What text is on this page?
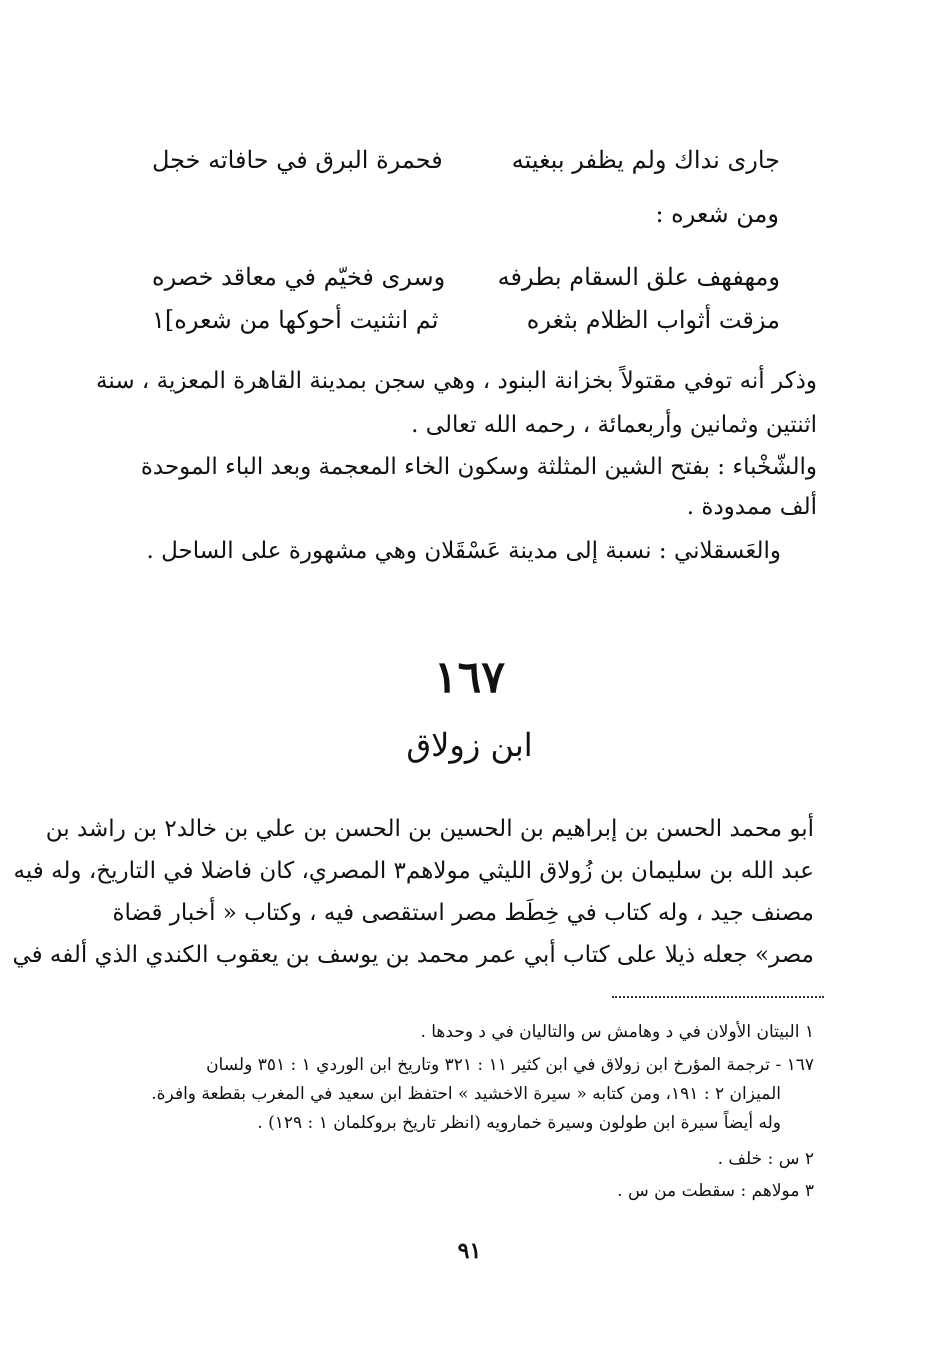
جارى نداك ولم يظفر ببغيته
فحمرة البرق في حافاته خجل
ومن شعره :
ومهفهف علق السقام بطرفه
وسرى فخيّم في معاقد خصره
مزقت أثواب الظلام بثغره
ثم انثنيت أحوكها من شعره]١
وذكر أنه توفي مقتولاً بخزانة البنود ، وهي سجن بمدينة القاهرة المعزية ، سنة
اثنتين وثمانين وأربعمائة ، رحمه الله تعالى .
والشّخْباء : بفتح الشين المثلثة وسكون الخاء المعجمة وبعد الباء الموحدة
ألف ممدودة .
والعَسقلاني : نسبة إلى مدينة عَسْقَلان وهي مشهورة على الساحل .
١٦٧
ابن زولاق
أبو محمد الحسن بن إبراهيم بن الحسين بن الحسن بن علي بن خالد٢ بن راشد بن
عبد الله بن سليمان بن زُولاق الليثي مولاهم٣ المصري، كان فاضلا في التاريخ، وله فيه
مصنف جيد ، وله كتاب في خِطَط مصر استقصى فيه ، وكتاب « أخبار قضاة
مصر» جعله ذيلا على كتاب أبي عمر محمد بن يوسف بن يعقوب الكندي الذي ألفه في
١ البيتان الأولان في د وهامش س والتاليان في د وحدها .
١٦٧ - ترجمة المؤرخ ابن زولاق في ابن كثير ١١ : ٣٢١ وتاريخ ابن الوردي ١ : ٣٥١ ولسان
الميزان ٢ : ١٩١، ومن كتابه « سيرة الاخشيد » احتفظ ابن سعيد في المغرب بقطعة وافرة.
وله أيضاً سيرة ابن طولون وسيرة خمارويه (انظر تاريخ بروكلمان ١ : ١٢٩) .
٢ س : خلف .
٣ مولاهم : سقطت من س .
٩١
